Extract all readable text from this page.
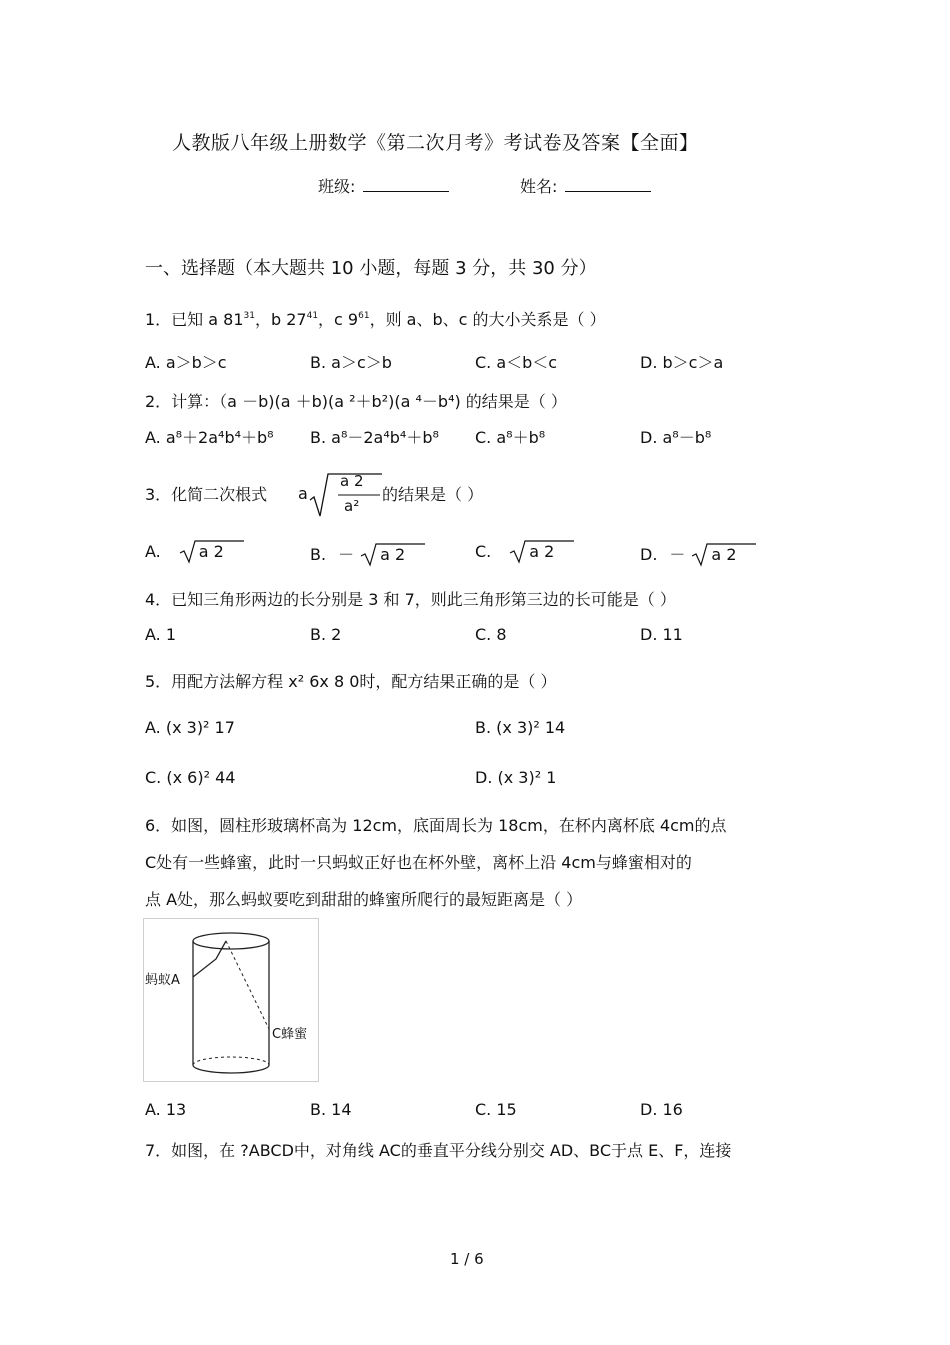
人教版八年级上册数学《第二次月考》考试卷及答案【全面】
班级:	姓名:
一、选择题（本大题共 10 小题，每题 3 分，共 30 分）
1．已知 a $81^{31}$，b $27^{41}$，c $9^{61}$，则 a、b、c 的大小关系是（ ）
A. a＞b＞c	B. a＞c＞b	C. a＜b＜c	D. b＞c＞a
2．计算：（a －b)(a ＋b)(a ²＋b²)(a ⁴－b⁴) 的结果是（ ）
A. a⁸＋2a⁴b⁴＋b⁸ B. a⁸－2a⁴b⁴＋b⁸ C. a⁸＋b⁸	D. a⁸－b⁸
3．化简二次根式 a
a 2
a²
的结果是（ ）
A. a 2	B. － a 2	C. a 2	D. － a 2
4．已知三角形两边的长分别是 3 和 7，则此三角形第三边的长可能是（ ）
A. 1	B. 2	C. 8	D. 11
5．用配方法解方程 x² 6x 8 0时，配方结果正确的是（ ）
A. (x 3)² 17	B. (x 3)² 14
C. (x 6)² 44	D. (x 3)² 1
6．如图，圆柱形玻璃杯高为 12cm，底面周长为 18cm，在杯内离杯底 4cm的点
C处有一些蜂蜜，此时一只蚂蚁正好也在杯外壁，离杯上沿 4cm与蜂蜜相对的
点 A处，那么蚂蚁要吃到甜甜的蜂蜜所爬行的最短距离是（ ）
蚂蚁A
C蜂蜜
A. 13	B. 14	C. 15	D. 16
7．如图，在 ?ABCD中，对角线 AC的垂直平分线分别交 AD、BC于点 E、F，连接
1 / 6
